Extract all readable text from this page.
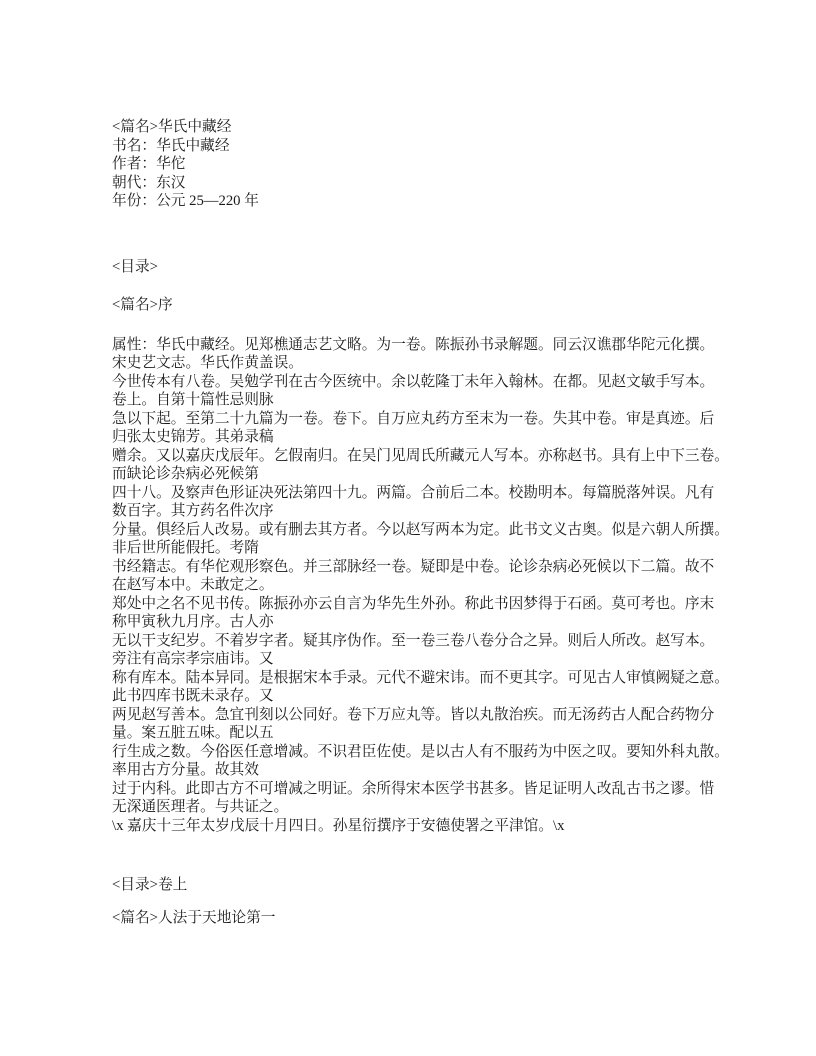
<篇名>华氏中藏经
书名：华氏中藏经
作者：华佗
朝代：东汉
年份：公元 25—220 年
<目录>
<篇名>序
属性：华氏中藏经。见郑樵通志艺文略。为一卷。陈振孙书录解题。同云汉谯郡华陀元化撰。
宋史艺文志。华氏作黄盖误。
今世传本有八卷。吴勉学刊在古今医统中。余以乾隆丁未年入翰林。在都。见赵文敏手写本。
卷上。自第十篇性忌则脉
急以下起。至第二十九篇为一卷。卷下。自万应丸药方至末为一卷。失其中卷。审是真迹。后
归张太史锦芳。其弟录稿
赠余。又以嘉庆戊辰年。乞假南归。在吴门见周氏所藏元人写本。亦称赵书。具有上中下三卷。
而缺论诊杂病必死候第
四十八。及察声色形证决死法第四十九。两篇。合前后二本。校勘明本。每篇脱落舛误。凡有
数百字。其方药名件次序
分量。俱经后人改易。或有删去其方者。今以赵写两本为定。此书文义古奥。似是六朝人所撰。
非后世所能假托。考隋
书经籍志。有华佗观形察色。并三部脉经一卷。疑即是中卷。论诊杂病必死候以下二篇。故不
在赵写本中。未敢定之。
郑处中之名不见书传。陈振孙亦云自言为华先生外孙。称此书因梦得于石函。莫可考也。序末
称甲寅秋九月序。古人亦
无以干支纪岁。不着岁字者。疑其序伪作。至一卷三卷八卷分合之异。则后人所改。赵写本。
旁注有高宗孝宗庙讳。又
称有库本。陆本异同。是根据宋本手录。元代不避宋讳。而不更其字。可见古人审慎阙疑之意。
此书四库书既未录存。又
两见赵写善本。急宜刊刻以公同好。卷下万应丸等。皆以丸散治疾。而无汤药古人配合药物分
量。案五脏五味。配以五
行生成之数。今俗医任意增减。不识君臣佐使。是以古人有不服药为中医之叹。要知外科丸散。
率用古方分量。故其效
过于内科。此即古方不可增减之明证。余所得宋本医学书甚多。皆足证明人改乱古书之谬。惜
无深通医理者。与共证之。
\x 嘉庆十三年太岁戊辰十月四日。孙星衍撰序于安德使署之平津馆。\x
<目录>卷上
<篇名>人法于天地论第一
